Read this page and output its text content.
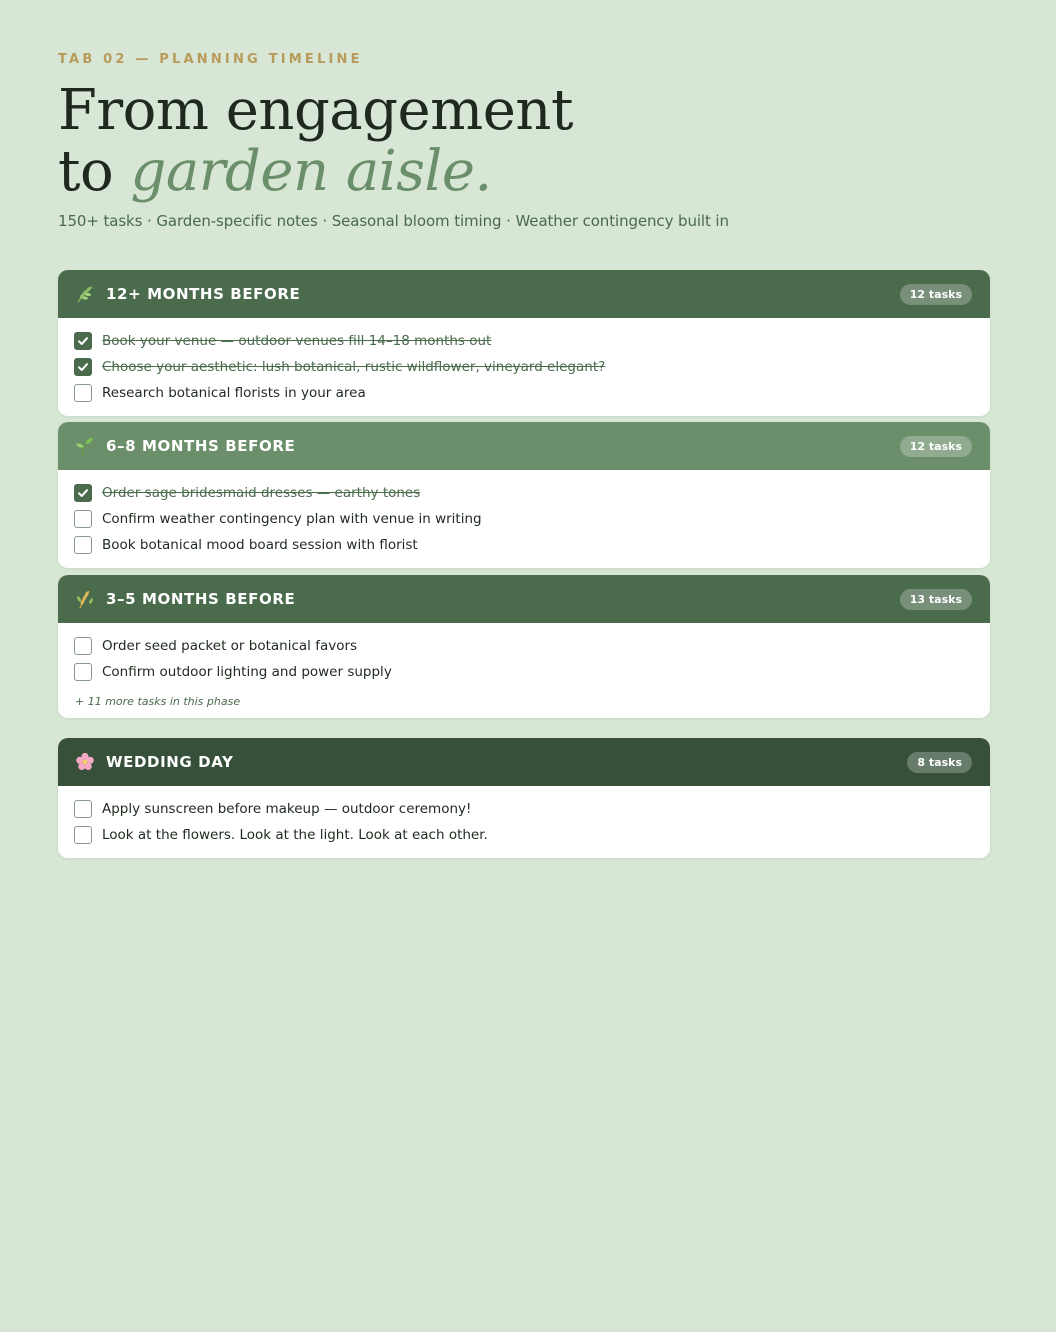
TAB 02 — PLANNING TIMELINE
From engagement
to garden aisle.
150+ tasks · Garden-specific notes · Seasonal bloom timing · Weather contingency built in
12+ MONTHS BEFORE	12 tasks
Book your venue — outdoor venues fill 14–18 months out
Choose your aesthetic: lush botanical, rustic wildflower, vineyard elegant?
Research botanical florists in your area
6–8 MONTHS BEFORE	12 tasks
Order sage bridesmaid dresses — earthy tones
Confirm weather contingency plan with venue in writing
Book botanical mood board session with florist
3–5 MONTHS BEFORE	13 tasks
Order seed packet or botanical favors
Confirm outdoor lighting and power supply
+ 11 more tasks in this phase
WEDDING DAY	8 tasks
Apply sunscreen before makeup — outdoor ceremony!
Look at the flowers. Look at the light. Look at each other.
